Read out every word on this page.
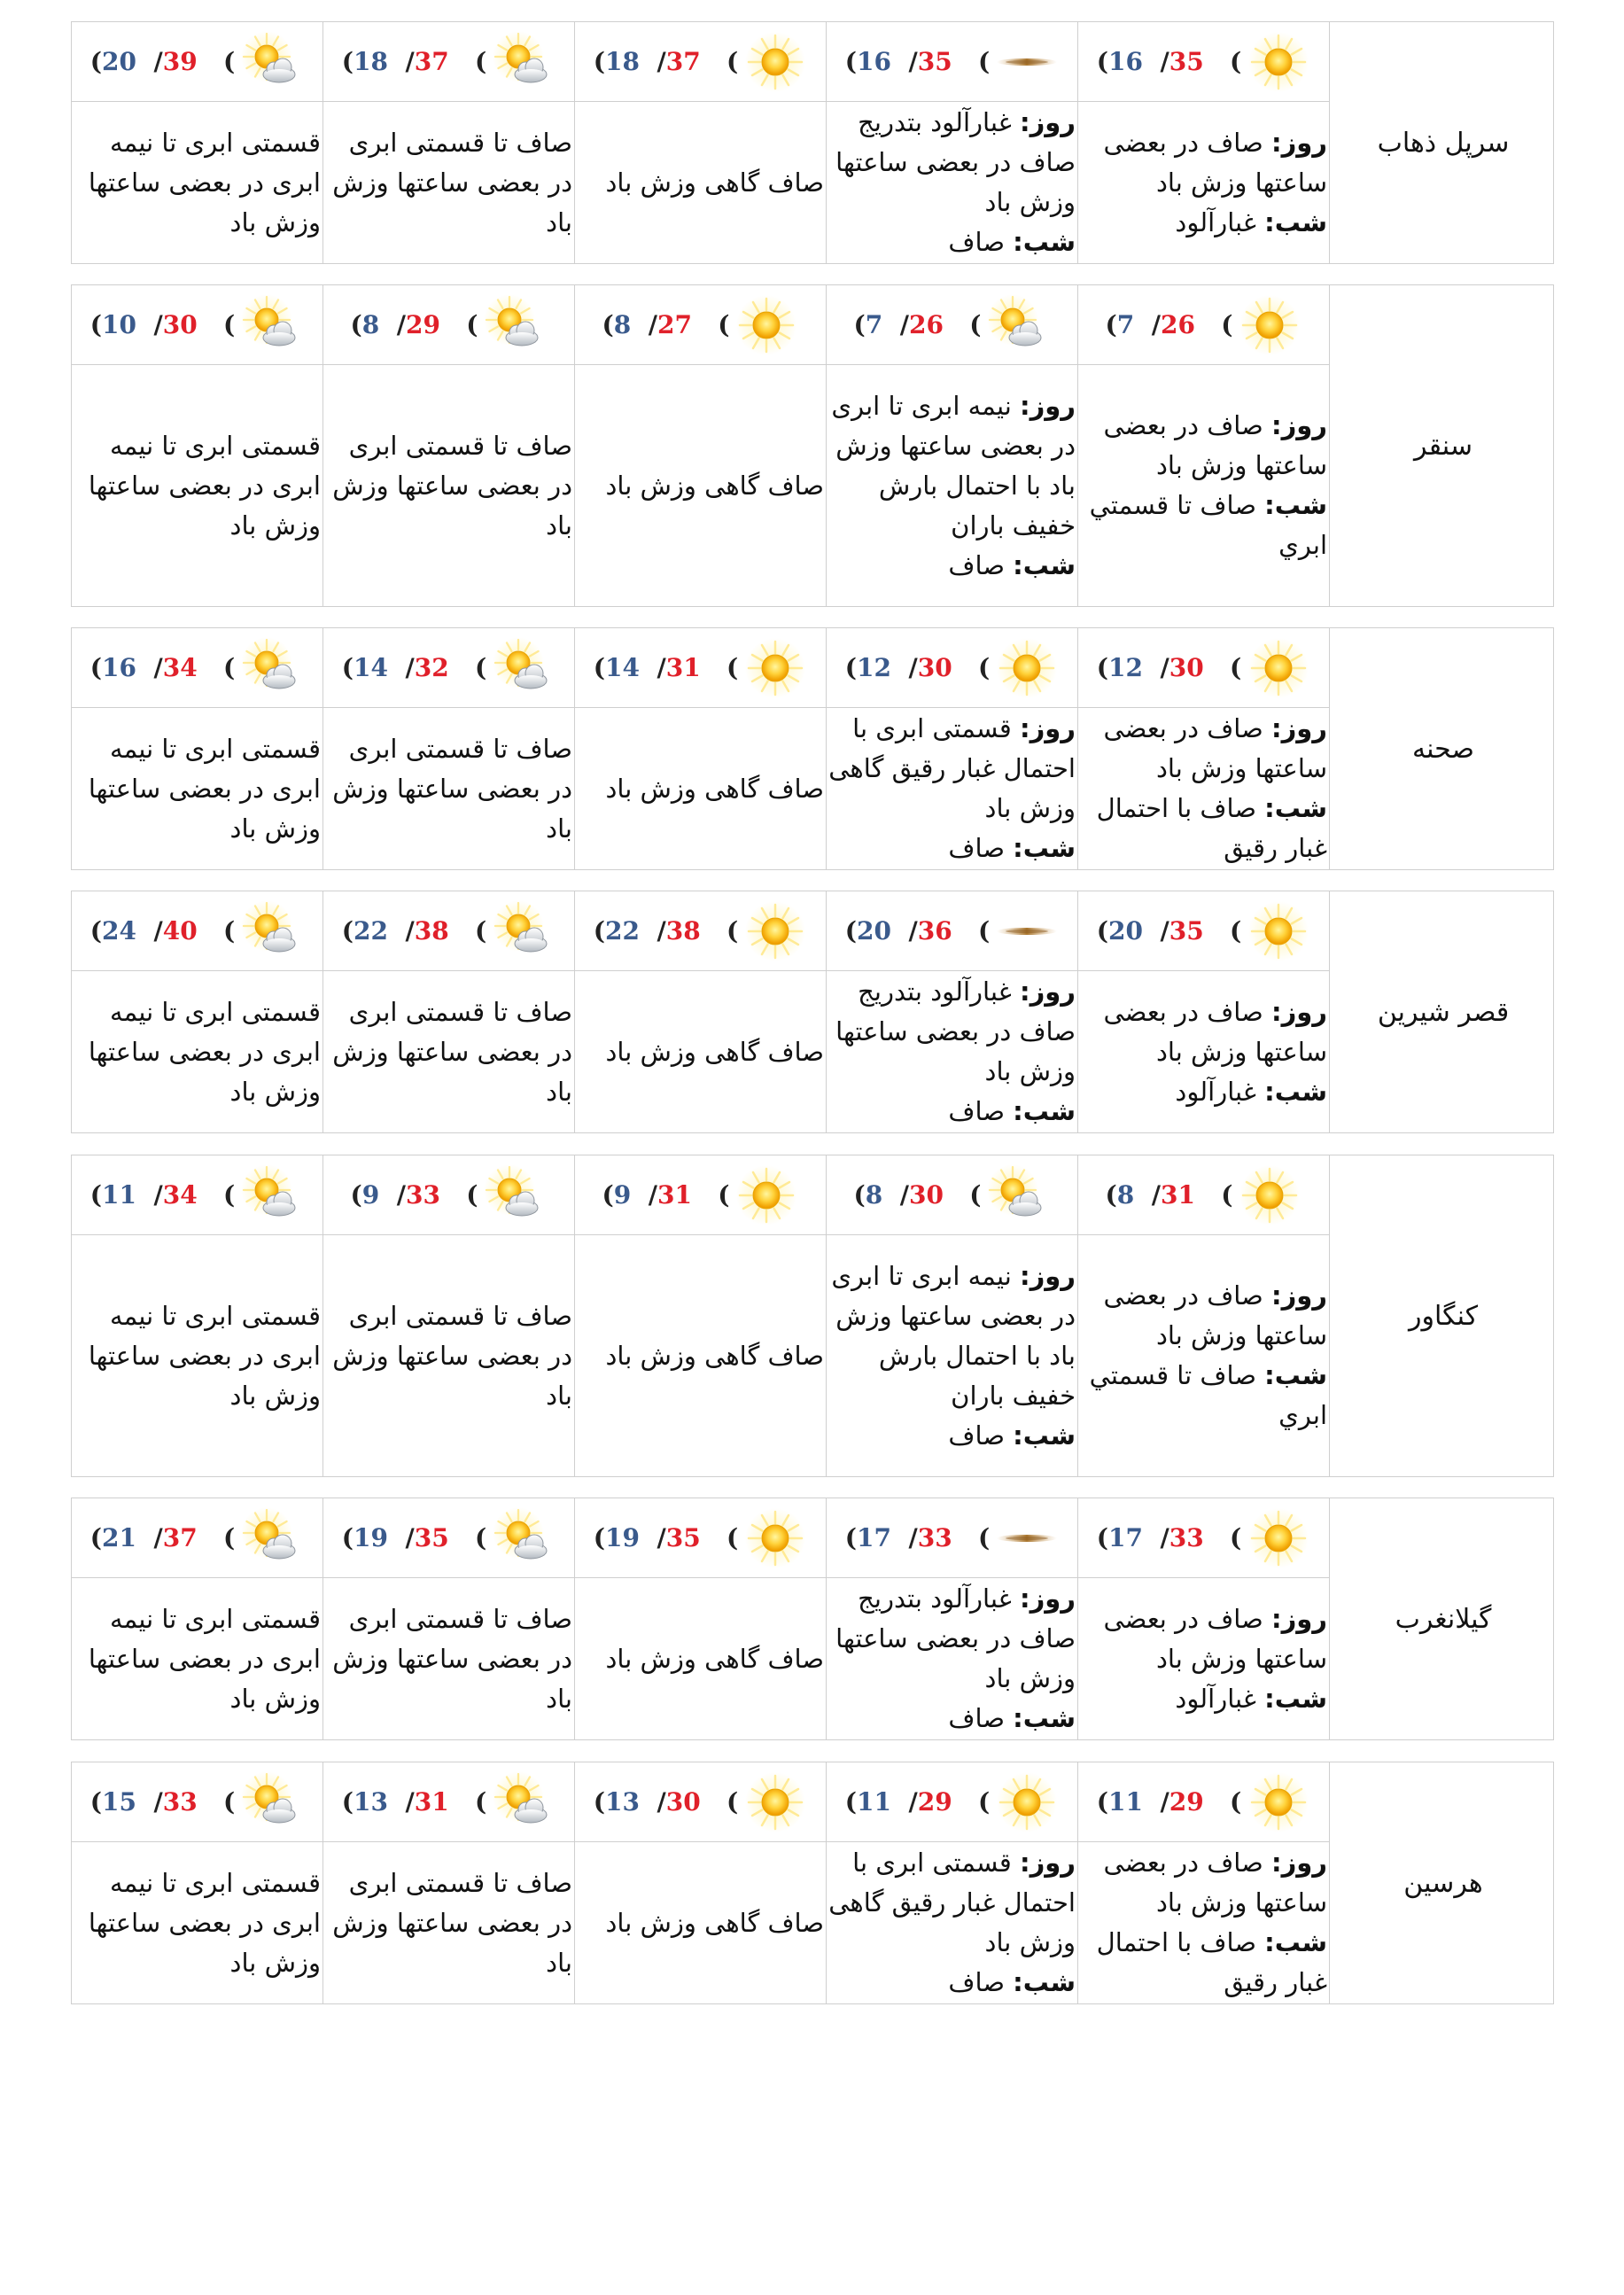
(20  /39   (
قسمتی ابری تا نیمه ابری در بعضی ساعتها وزش باد
(18  /37   (
صاف تا قسمتی ابری در بعضی ساعتها وزش باد
(18  /37   (
صاف گاهی وزش باد
(16  /35   (
روز: غبارآلود بتدریج صاف در بعضی ساعتها وزش باد
شب: صاف
(16  /35   (
روز: صاف در بعضی ساعتها وزش باد
شب: غبارآلود
سرپل ذهاب
(10  /30   (
قسمتی ابری تا نیمه ابری در بعضی ساعتها وزش باد
(8  /29   (
صاف تا قسمتی ابری در بعضی ساعتها وزش باد
(8  /27   (
صاف گاهی وزش باد
(7  /26   (
روز: نیمه ابری تا ابری در بعضی ساعتها وزش باد با احتمال بارش خفیف باران
شب: صاف
(7  /26   (
روز: صاف در بعضی ساعتها وزش باد
شب: صاف تا قسمتي ابري
سنقر
(16  /34   (
قسمتی ابری تا نیمه ابری در بعضی ساعتها وزش باد
(14  /32   (
صاف تا قسمتی ابری در بعضی ساعتها وزش باد
(14  /31   (
صاف گاهی وزش باد
(12  /30   (
روز: قسمتی ابری با احتمال غبار رقیق گاهی وزش باد
شب: صاف
(12  /30   (
روز: صاف در بعضی ساعتها وزش باد
شب: صاف با احتمال غبار رقیق
صحنه
(24  /40   (
قسمتی ابری تا نیمه ابری در بعضی ساعتها وزش باد
(22  /38   (
صاف تا قسمتی ابری در بعضی ساعتها وزش باد
(22  /38   (
صاف گاهی وزش باد
(20  /36   (
روز: غبارآلود بتدریج صاف در بعضی ساعتها وزش باد
شب: صاف
(20  /35   (
روز: صاف در بعضی ساعتها وزش باد
شب: غبارآلود
قصر شیرین
(11  /34   (
قسمتی ابری تا نیمه ابری در بعضی ساعتها وزش باد
(9  /33   (
صاف تا قسمتی ابری در بعضی ساعتها وزش باد
(9  /31   (
صاف گاهی وزش باد
(8  /30   (
روز: نیمه ابری تا ابری در بعضی ساعتها وزش باد با احتمال بارش خفیف باران
شب: صاف
(8  /31   (
روز: صاف در بعضی ساعتها وزش باد
شب: صاف تا قسمتي ابري
کنگاور
(21  /37   (
قسمتی ابری تا نیمه ابری در بعضی ساعتها وزش باد
(19  /35   (
صاف تا قسمتی ابری در بعضی ساعتها وزش باد
(19  /35   (
صاف گاهی وزش باد
(17  /33   (
روز: غبارآلود بتدریج صاف در بعضی ساعتها وزش باد
شب: صاف
(17  /33   (
روز: صاف در بعضی ساعتها وزش باد
شب: غبارآلود
گیلانغرب
(15  /33   (
قسمتی ابری تا نیمه ابری در بعضی ساعتها وزش باد
(13  /31   (
صاف تا قسمتی ابری در بعضی ساعتها وزش باد
(13  /30   (
صاف گاهی وزش باد
(11  /29   (
روز: قسمتی ابری با احتمال غبار رقیق گاهی وزش باد
شب: صاف
(11  /29   (
روز: صاف در بعضی ساعتها وزش باد
شب: صاف با احتمال غبار رقیق
هرسین
